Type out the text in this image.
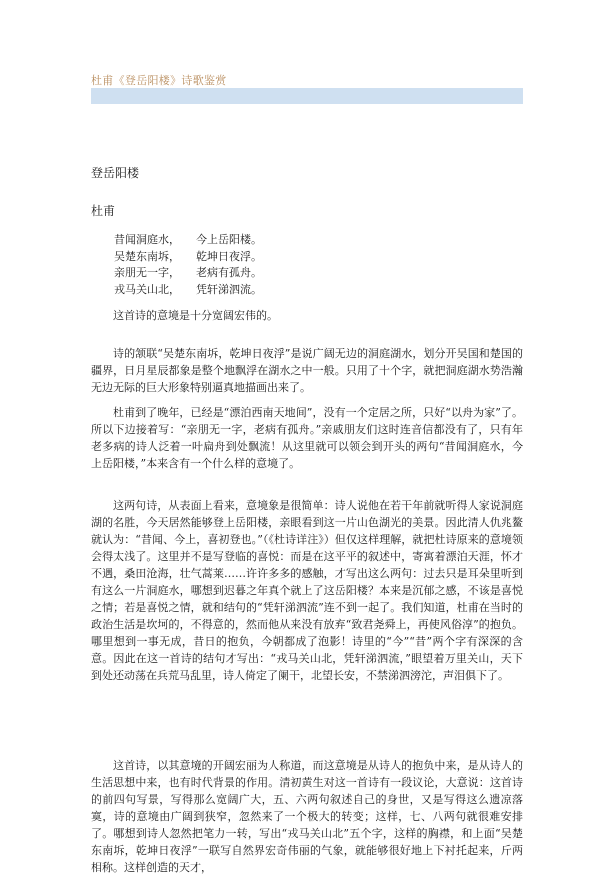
杜甫《登岳阳楼》诗歌鉴赏
登岳阳楼
杜甫
昔闻洞庭水， 今上岳阳楼。
吴楚东南坼， 乾坤日夜浮。
亲朋无一字， 老病有孤舟。
戎马关山北， 凭轩涕泗流。

这首诗的意境是十分宽阔宏伟的。

诗的颔联“吴楚东南坼，乾坤日夜浮”是说广阔无边的洞庭湖水，划分开吴国和楚国的疆界，日月星辰都象是整个地飘浮在湖水之中一般。只用了十个字，就把洞庭湖水势浩瀚无边无际的巨大形象特别逼真地描画出来了。

杜甫到了晚年，已经是“漂泊西南天地间”，没有一个定居之所，只好“以舟为家”了。所以下边接着写：“亲朋无一字，老病有孤舟。”亲戚朋友们这时连音信都没有了，只有年老多病的诗人泛着一叶扁舟到处飘流！从这里就可以领会到开头的两句“昔闻洞庭水，今上岳阳楼，”本来含有一个什么样的意境了。

这两句诗，从表面上看来，意境象是很简单：诗人说他在若干年前就听得人家说洞庭湖的名胜，今天居然能够登上岳阳楼，亲眼看到这一片山色湖光的美景。因此清人仇兆鳌就认为：“昔闻、今上，喜初登也。”（《杜诗详注》）但仅这样理解，就把杜诗原来的意境领会得太浅了。这里并不是写登临的喜悦：而是在这平平的叙述中，寄寓着漂泊天涯，怀才不遇，桑田沧海，壮气蒿莱……许许多多的感触，才写出这么两句：过去只是耳朵里听到有这么一片洞庭水，哪想到迟暮之年真个就上了这岳阳楼？本来是沉郁之感，不该是喜悦之情；若是喜悦之情，就和结句的“凭轩涕泗流”连不到一起了。我们知道，杜甫在当时的政治生活是坎坷的，不得意的，然而他从来没有放弃“致君尧舜上，再使风俗淳”的抱负。哪里想到一事无成，昔日的抱负，今朝都成了泡影！诗里的“今”“昔”两个字有深深的含意。因此在这一首诗的结句才写出：“戎马关山北，凭轩涕泗流，”眼望着万里关山，天下到处还动荡在兵荒马乱里，诗人倚定了阑干，北望长安，不禁涕泗滂沱，声泪俱下了。

这首诗，以其意境的开阔宏丽为人称道，而这意境是从诗人的抱负中来，是从诗人的生活思想中来，也有时代背景的作用。清初黄生对这一首诗有一段议论，大意说：这首诗的前四句写景，写得那么宽阔广大，五、六两句叙述自己的身世，又是写得这么遗凉落寞，诗的意境由广阔到狭窄，忽然来了一个极大的转变；这样，七、八两句就很难安排了。哪想到诗人忽然把笔力一转，写出“戎马关山北”五个字，这样的胸襟，和上面“吴楚东南坼，乾坤日夜浮”一联写自然界宏奇伟丽的气象，就能够很好地上下衬托起来，斤两相称。这样创造的天才，
